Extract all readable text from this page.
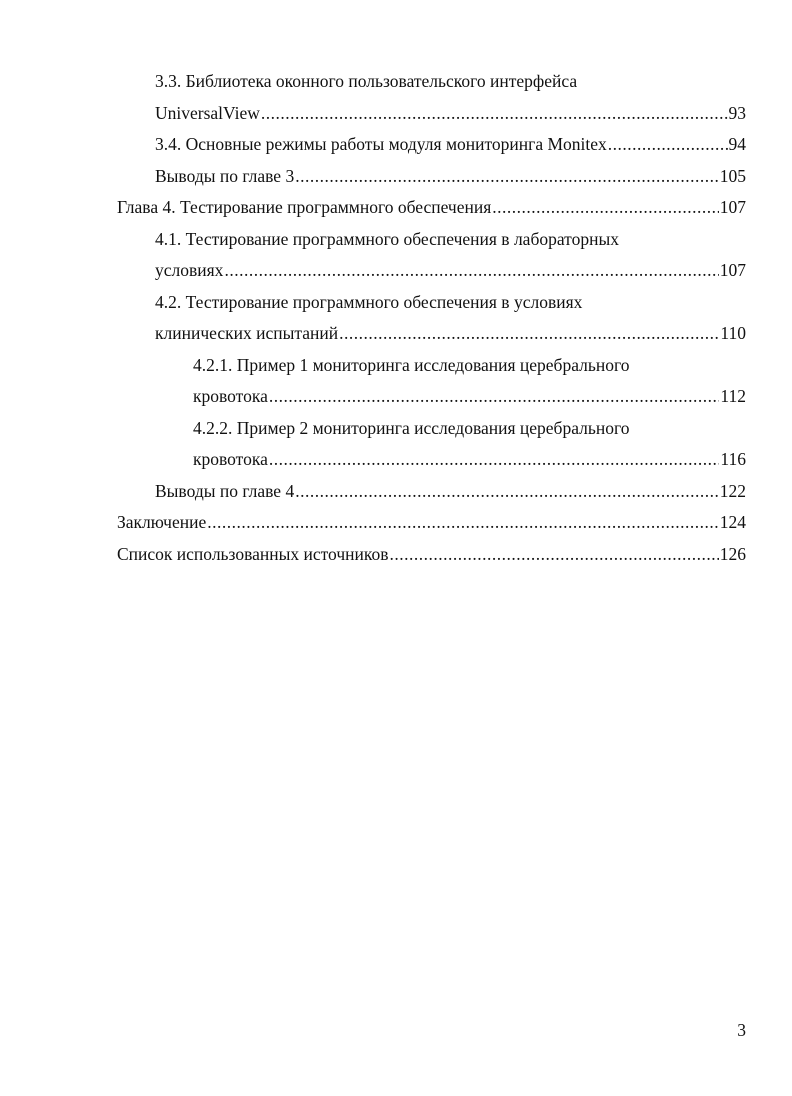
3.3. Библиотека оконного пользовательского интерфейса
UniversalView .....	93
3.4. Основные режимы работы модуля мониторинга Monitex .....	94
Выводы по главе 3 .....	105
Глава 4. Тестирование программного обеспечения .....	107
4.1. Тестирование программного обеспечения в лабораторных
условиях .....	107
4.2. Тестирование программного обеспечения в условиях
клинических испытаний .....	110
4.2.1. Пример 1 мониторинга исследования церебрального
кровотока .....	112
4.2.2. Пример 2 мониторинга исследования церебрального
кровотока .....	116
Выводы по главе 4 .....	122
Заключение .....	124
Список использованных источников .....	126
3
